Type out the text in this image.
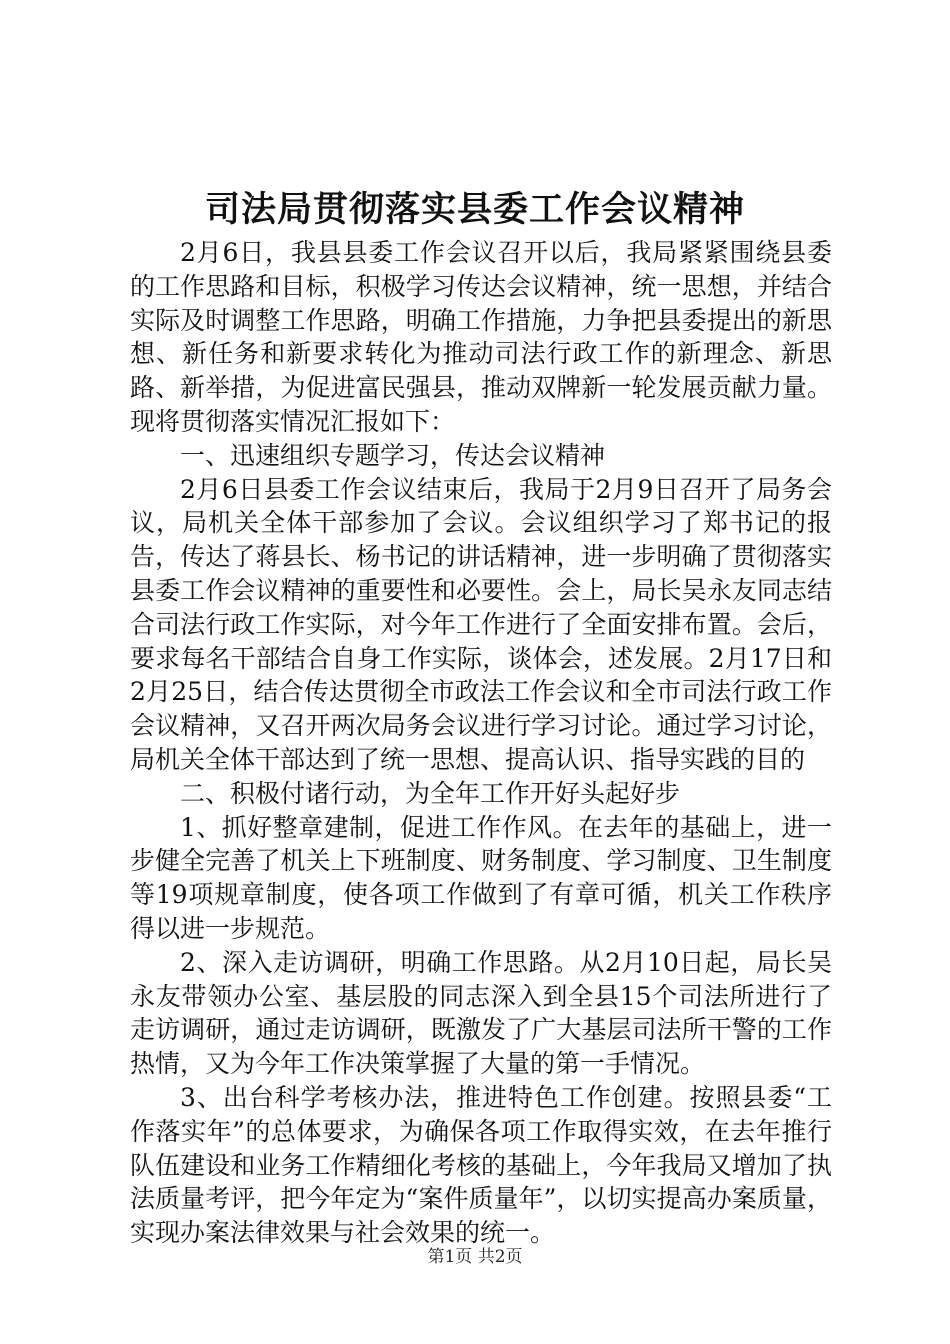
司法局贯彻落实县委工作会议精神

2月6日，我县县委工作会议召开以后，我局紧紧围绕县委的工作思路和目标，积极学习传达会议精神，统一思想，并结合实际及时调整工作思路，明确工作措施，力争把县委提出的新思想、新任务和新要求转化为推动司法行政工作的新理念、新思路、新举措，为促进富民强县，推动双牌新一轮发展贡献力量。现将贯彻落实情况汇报如下：

一、迅速组织专题学习，传达会议精神

2月6日县委工作会议结束后，我局于2月9日召开了局务会议，局机关全体干部参加了会议。会议组织学习了郑书记的报告，传达了蒋县长、杨书记的讲话精神，进一步明确了贯彻落实县委工作会议精神的重要性和必要性。会上，局长吴永友同志结合司法行政工作实际，对今年工作进行了全面安排布置。会后，要求每名干部结合自身工作实际，谈体会，述发展。2月17日和2月25日，结合传达贯彻全市政法工作会议和全市司法行政工作会议精神，又召开两次局务会议进行学习讨论。通过学习讨论，局机关全体干部达到了统一思想、提高认识、指导实践的目的

二、积极付诸行动，为全年工作开好头起好步

1、抓好整章建制，促进工作作风。在去年的基础上，进一步健全完善了机关上下班制度、财务制度、学习制度、卫生制度等19项规章制度，使各项工作做到了有章可循，机关工作秩序得以进一步规范。

2、深入走访调研，明确工作思路。从2月10日起，局长吴永友带领办公室、基层股的同志深入到全县15个司法所进行了走访调研，通过走访调研，既激发了广大基层司法所干警的工作热情，又为今年工作决策掌握了大量的第一手情况。

3、出台科学考核办法，推进特色工作创建。按照县委“工作落实年”的总体要求，为确保各项工作取得实效，在去年推行队伍建设和业务工作精细化考核的基础上，今年我局又增加了执法质量考评，把今年定为“案件质量年”，以切实提高办案质量，实现办案法律效果与社会效果的统一。

第1页 共2页
